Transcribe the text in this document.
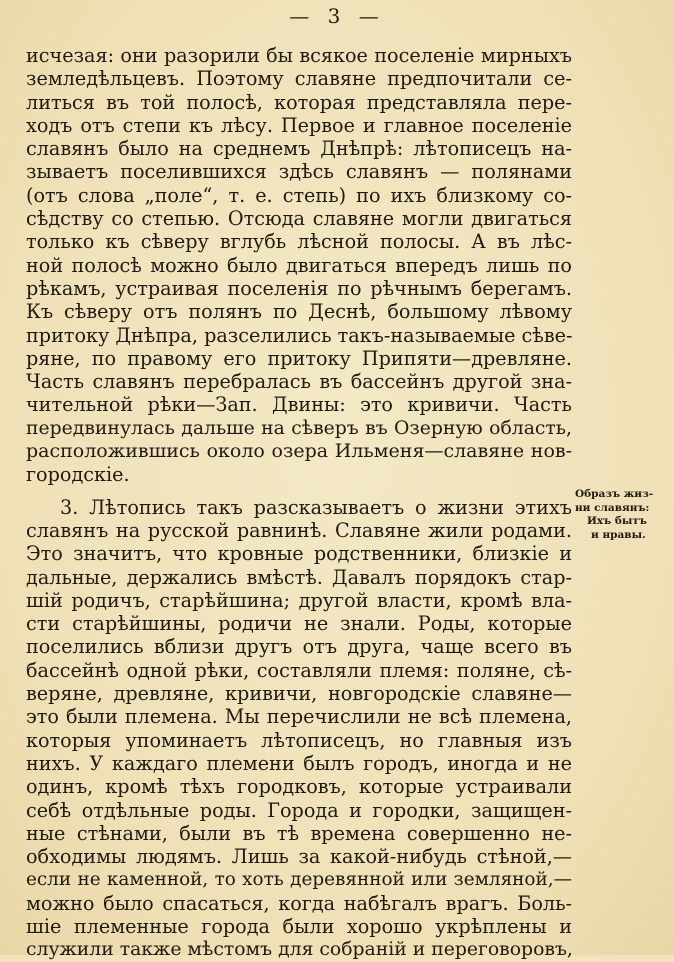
— 3 —
исчезая: они разорили бы всякое поселеніе мирныхъ
земледѣльцевъ. Поэтому славяне предпочитали се-
литься въ той полосѣ, которая представляла пере-
ходъ отъ степи къ лѣсу. Первое и главное поселеніе
славянъ было на среднемъ Днѣпрѣ: лѣтописецъ на-
зываетъ поселившихся здѣсь славянъ — полянами
(отъ слова „поле“, т. е. степь) по ихъ близкому со-
сѣдству со степью. Отсюда славяне могли двигаться
только къ сѣверу вглубь лѣсной полосы. А въ лѣс-
ной полосѣ можно было двигаться впередъ лишь по
рѣкамъ, устраивая поселенія по рѣчнымъ берегамъ.
Къ сѣверу отъ полянъ по Деснѣ, большому лѣвому
притоку Днѣпра, разселились такъ-называемые сѣве-
ряне, по правому его притоку Припяти—древляне.
Часть славянъ перебралась въ бассейнъ другой зна-
чительной рѣки—Зап. Двины: это кривичи. Часть
передвинулась дальше на сѣверъ въ Озерную область,
расположившись около озера Ильменя—славяне нов-
городскіе.
3. Лѣтопись такъ разсказываетъ о жизни этихъ
славянъ на русской равнинѣ. Славяне жили родами.
Это значитъ, что кровные родственники, близкіе и
дальные, держались вмѣстѣ. Давалъ порядокъ стар-
шій родичъ, старѣйшина; другой власти, кромѣ вла-
сти старѣйшины, родичи не знали. Роды, которые
поселились вблизи другъ отъ друга, чаще всего въ
бассейнѣ одной рѣки, составляли племя: поляне, сѣ-
веряне, древляне, кривичи, новгородскіе славяне—
это были племена. Мы перечислили не всѣ племена,
которыя упоминаетъ лѣтописецъ, но главныя изъ
нихъ. У каждаго племени былъ городъ, иногда и не
одинъ, кромѣ тѣхъ городковъ, которые устраивали
себѣ отдѣльные роды. Города и городки, защищен-
ные стѣнами, были въ тѣ времена совершенно не-
обходимы людямъ. Лишь за какой-нибудь стѣной,—
если не каменной, то хоть деревянной или земляной,—
можно было спасаться, когда набѣгалъ врагъ. Боль-
шіе племенные города были хорошо укрѣплены и
служили также мѣстомъ для собраній и переговоровъ,
Образъ жиз-
ни славянъ:
Ихъ бытъ
и нравы.
